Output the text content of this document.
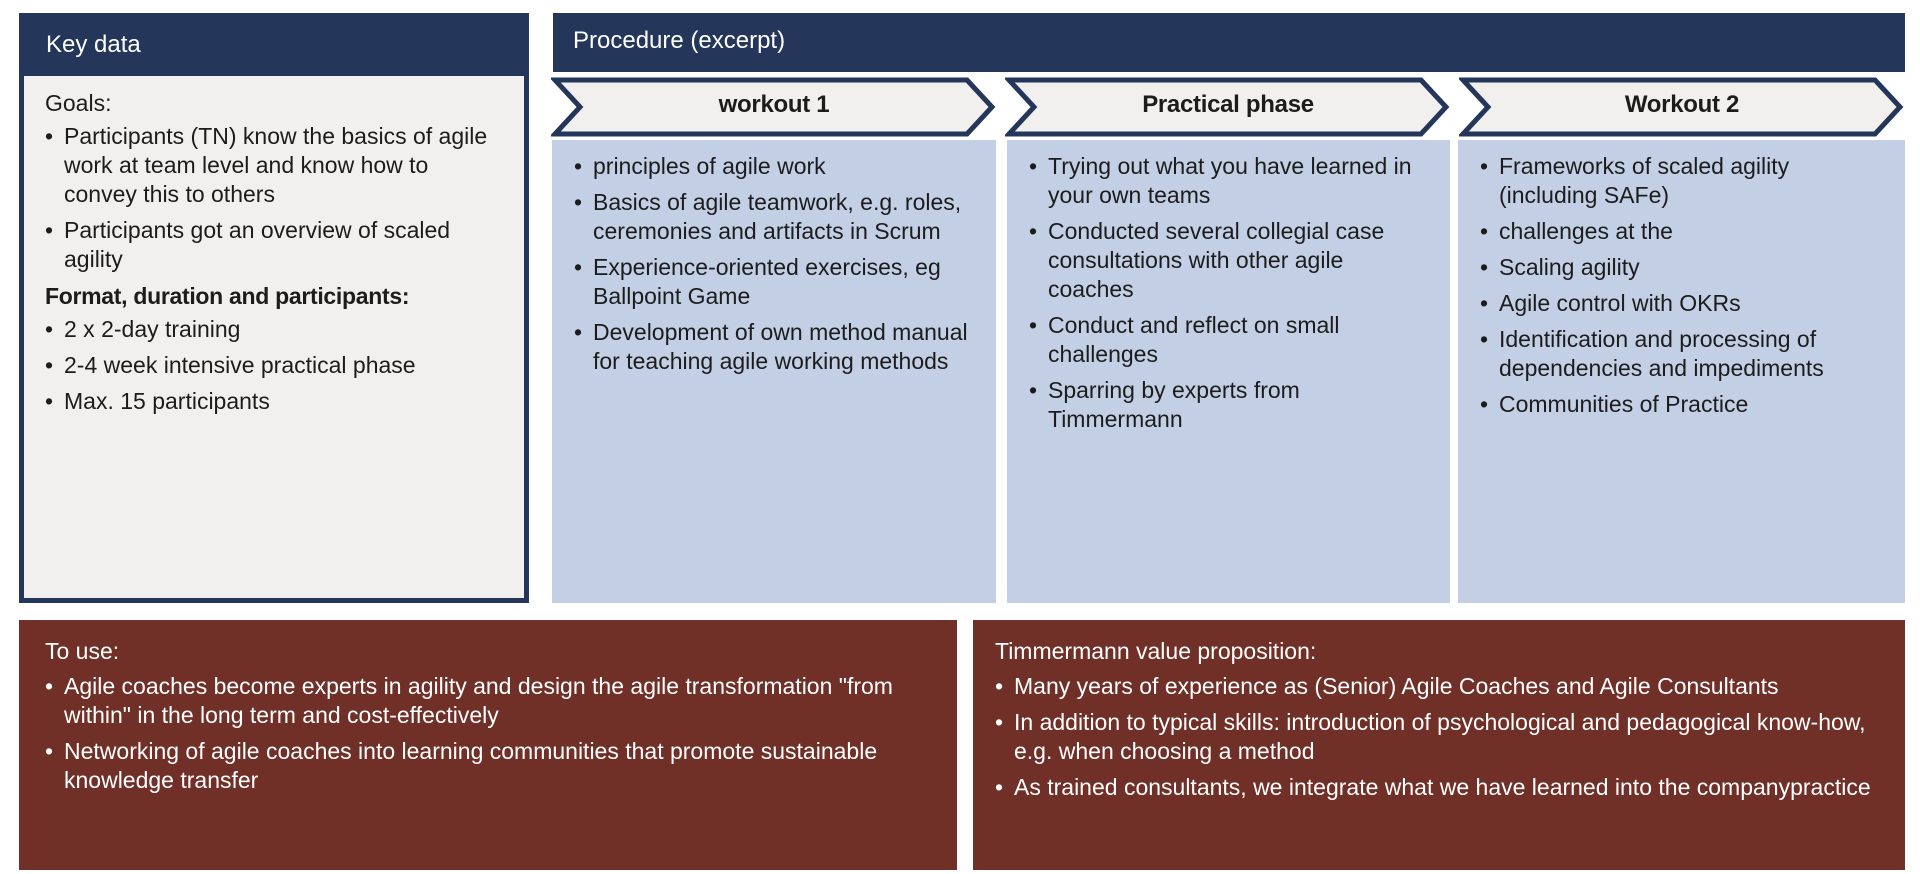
Key data
Goals:
• Participants (TN) know the basics of agile work at team level and know how to convey this to others
• Participants got an overview of scaled agility
Format, duration and participants:
• 2 x 2-day training
• 2-4 week intensive practical phase
• Max. 15 participants
Procedure (excerpt)
workout 1	Practical phase	Workout 2
• principles of agile work
• Basics of agile teamwork, e.g. roles, ceremonies and artifacts in Scrum
• Experience-oriented exercises, eg Ballpoint Game
• Development of own method manual for teaching agile working methods
• Trying out what you have learned in your own teams
• Conducted several collegial case consultations with other agile coaches
• Conduct and reflect on small challenges
• Sparring by experts from Timmermann
• Frameworks of scaled agility (including SAFe)
• challenges at the
• Scaling agility
• Agile control with OKRs
• Identification and processing of dependencies and impediments
• Communities of Practice
To use:
• Agile coaches become experts in agility and design the agile transformation "from within" in the long term and cost-effectively
• Networking of agile coaches into learning communities that promote sustainable knowledge transfer
Timmermann value proposition:
• Many years of experience as (Senior) Agile Coaches and Agile Consultants
• In addition to typical skills: introduction of psychological and pedagogical know-how, e.g. when choosing a method
• As trained consultants, we integrate what we have learned into the companypractice
